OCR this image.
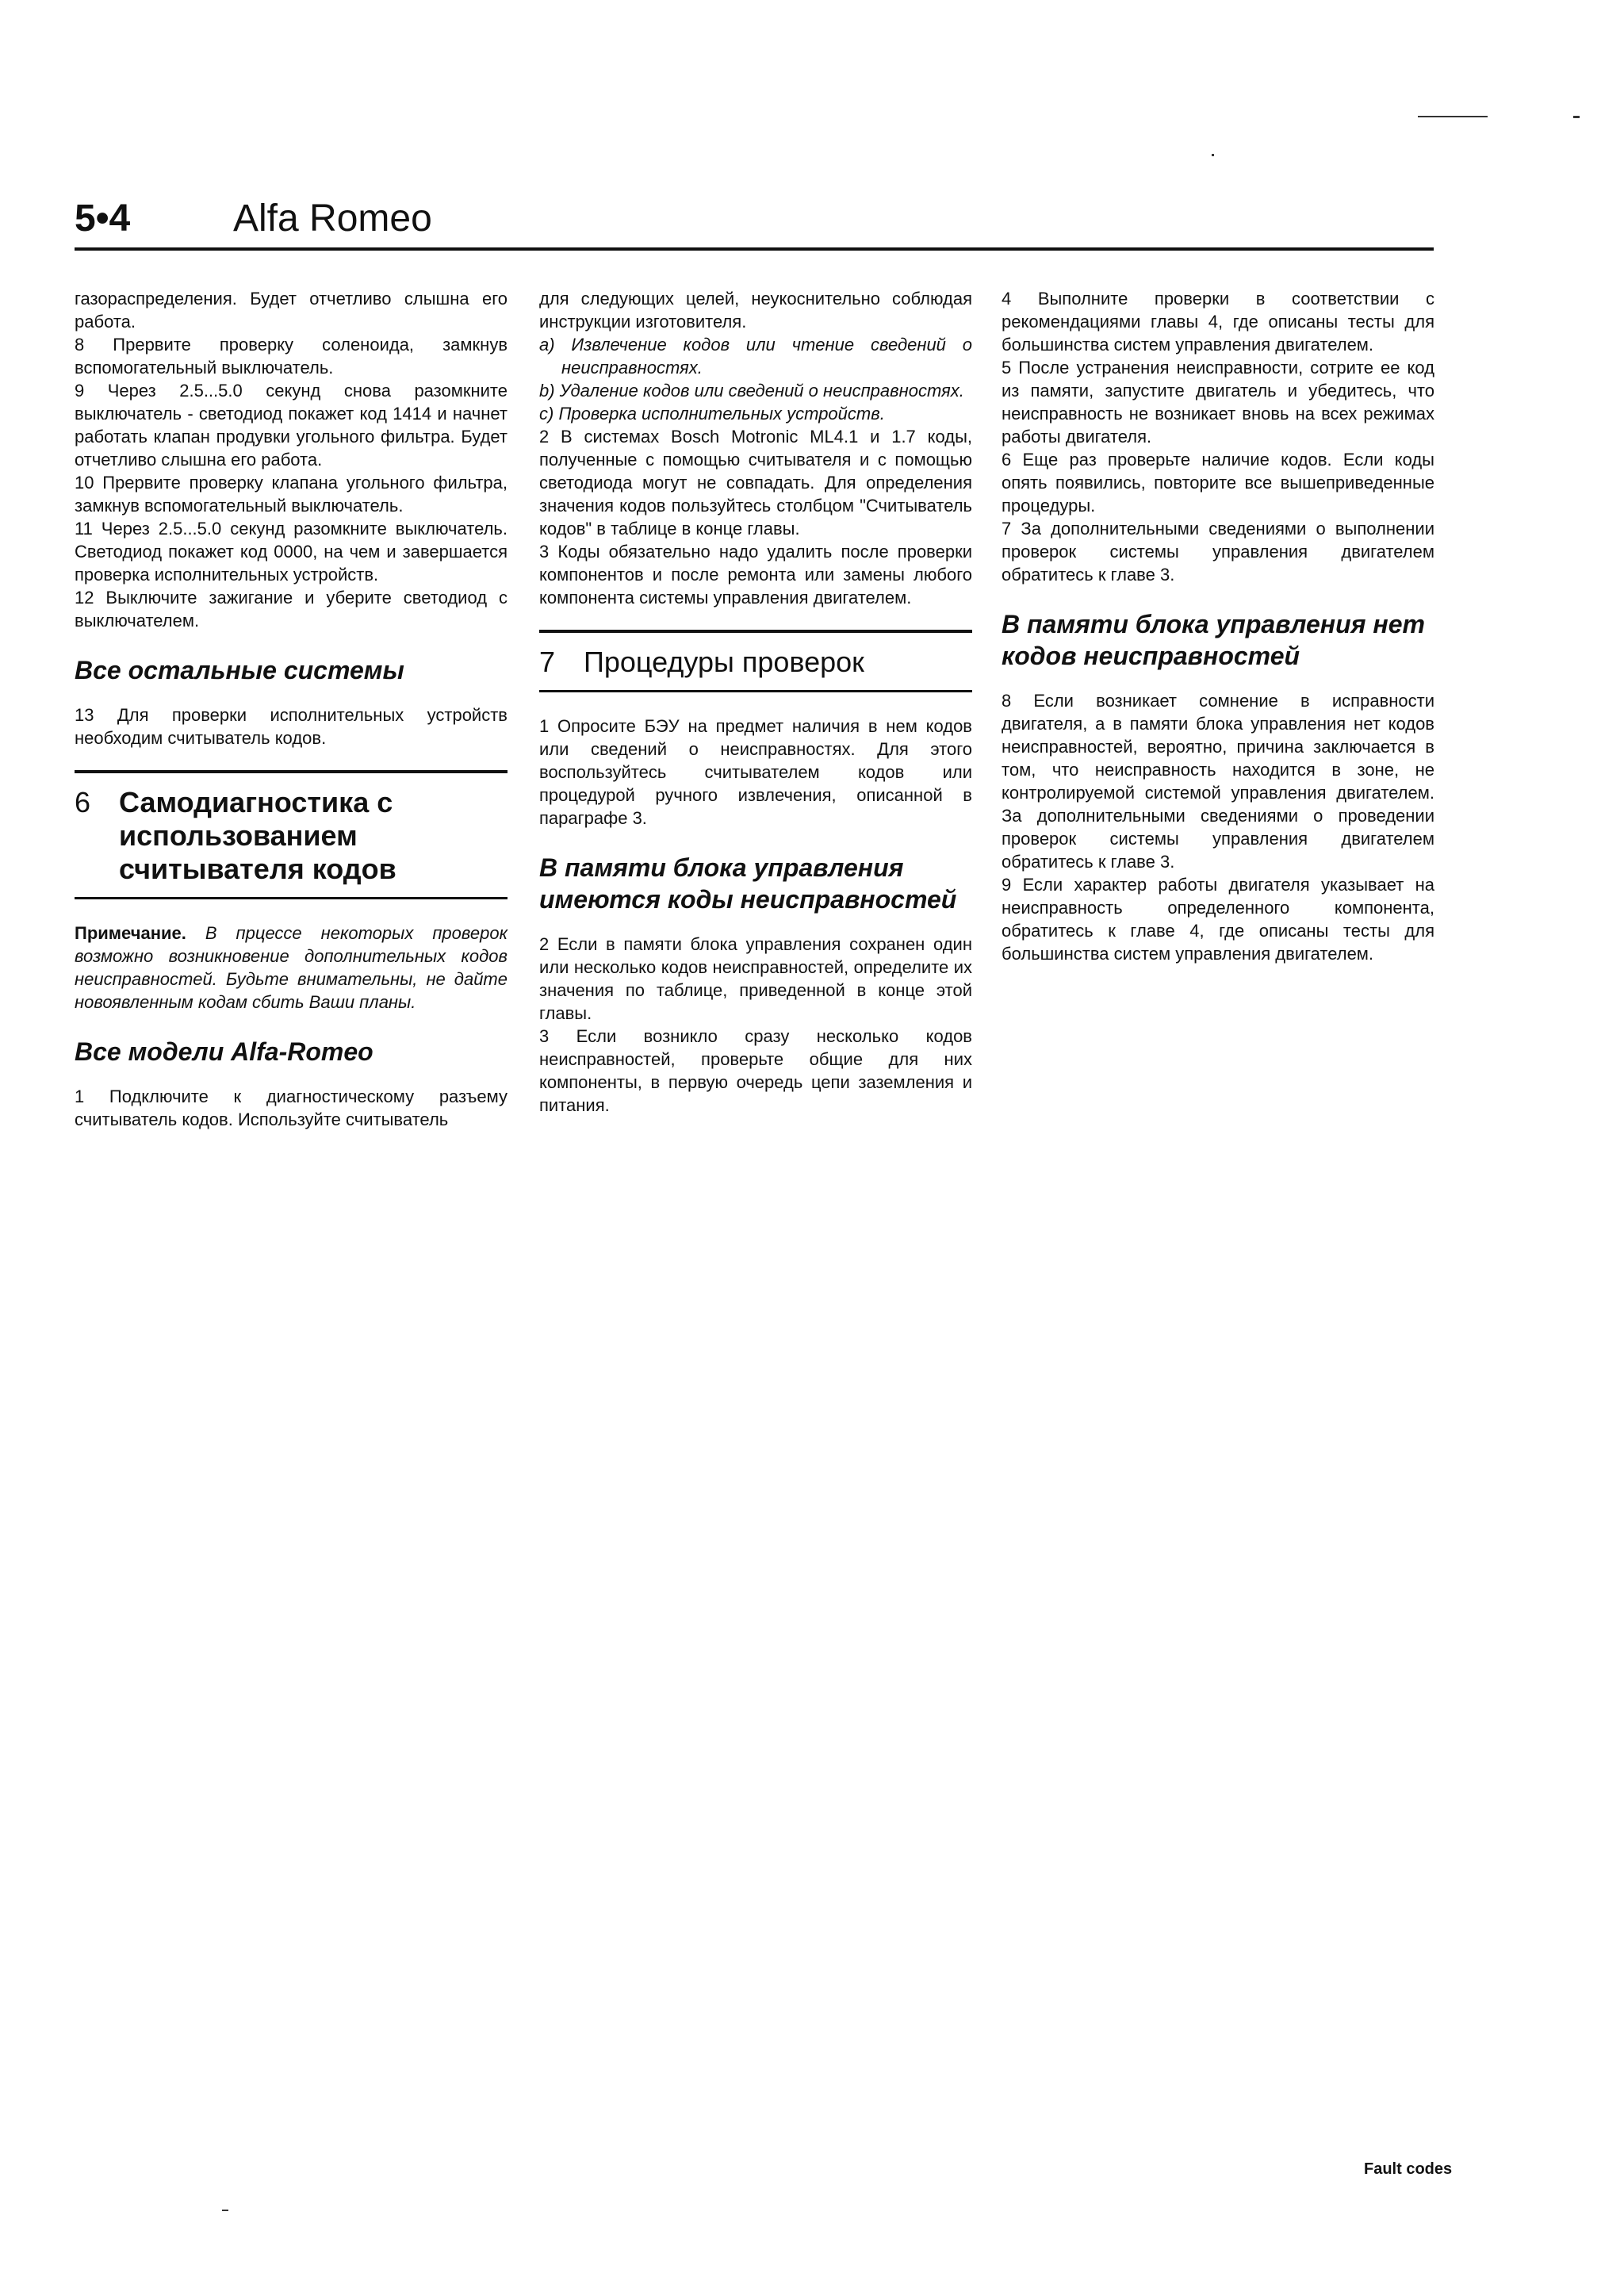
5•4	Alfa Romeo

газораспределения. Будет отчетливо слышна его работа.

8 Прервите проверку соленоида, замкнув вспомогательный выключатель.

9 Через 2.5...5.0 секунд снова разомкните выключатель - светодиод покажет код 1414 и начнет работать клапан продувки угольного фильтра. Будет отчетливо слышна его работа.

10 Прервите проверку клапана угольного фильтра, замкнув вспомогательный выключатель.

11 Через 2.5...5.0 секунд разомкните выключатель. Светодиод покажет код 0000, на чем и завершается проверка исполнительных устройств.

12 Выключите зажигание и уберите светодиод с выключателем.

Все остальные системы

13 Для проверки исполнительных устройств необходим считыватель кодов.

6 Самодиагностика с использованием считывателя кодов

Примечание. В прцессе некоторых проверок возможно возникновение дополнительных кодов неисправностей. Будьте внимательны, не дайте новоявленным кодам сбить Ваши планы.

Все модели Alfa-Romeo

1 Подключите к диагностическому разъему считыватель кодов. Используйте считыватель

для следующих целей, неукоснительно соблюдая инструкции изготовителя.

a) Извлечение кодов или чтение сведений о неисправностях.

b) Удаление кодов или сведений о неисправностях.

c) Проверка исполнительных устройств.

2 В системах Bosch Motronic ML4.1 и 1.7 коды, полученные с помощью считывателя и с помощью светодиода могут не совпадать. Для определения значения кодов пользуйтесь столбцом "Считыватель кодов" в таблице в конце главы.

3 Коды обязательно надо удалить после проверки компонентов и после ремонта или замены любого компонента системы управления двигателем.

7 Процедуры проверок

1 Опросите БЭУ на предмет наличия в нем кодов или сведений о неисправностях. Для этого воспользуйтесь считывателем кодов или процедурой ручного извлечения, описанной в параграфе 3.

В памяти блока управления имеются коды неисправностей

2 Если в памяти блока управления сохранен один или несколько кодов неисправностей, определите их значения по таблице, приведенной в конце этой главы.

3 Если возникло сразу несколько кодов неисправностей, проверьте общие для них компоненты, в первую очередь цепи заземления и питания.

4 Выполните проверки в соответствии с рекомендациями главы 4, где описаны тесты для большинства систем управления двигателем.

5 После устранения неисправности, сотрите ее код из памяти, запустите двигатель и убедитесь, что неисправность не возникает вновь на всех режимах работы двигателя.

6 Еще раз проверьте наличие кодов. Если коды опять появились, повторите все вышеприведенные процедуры.

7 За дополнительными сведениями о выполнении проверок системы управления двигателем обратитесь к главе 3.

В памяти блока управления нет кодов неисправностей

8 Если возникает сомнение в исправности двигателя, а в памяти блока управления нет кодов неисправностей, вероятно, причина заключается в том, что неисправность находится в зоне, не контролируемой системой управления двигателем. За дополнительными сведениями о проведении проверок системы управления двигателем обратитесь к главе 3.

9 Если характер работы двигателя указывает на неисправность определенного компонента, обратитесь к главе 4, где описаны тесты для большинства систем управления двигателем.

Fault codes
